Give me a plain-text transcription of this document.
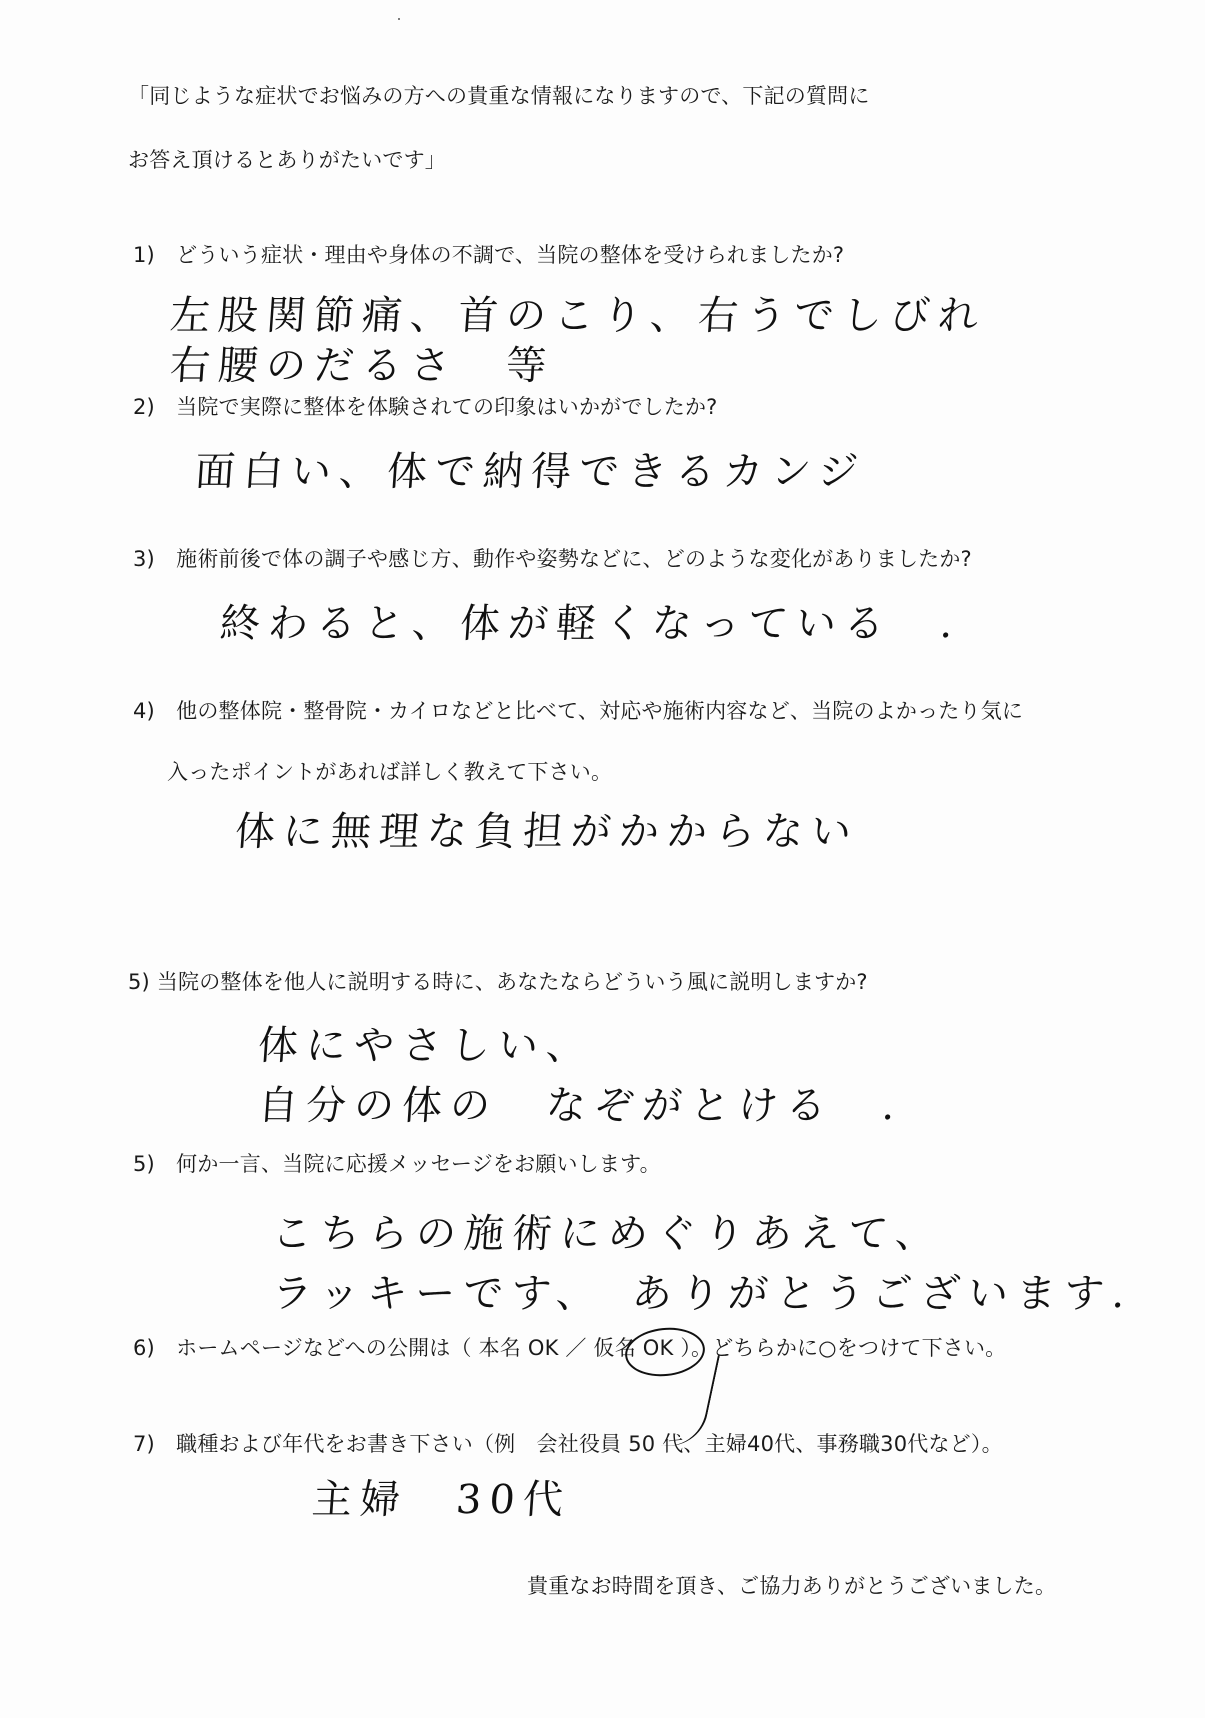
「同じような症状でお悩みの方への貴重な情報になりますので、下記の質問に
お答え頂けるとありがたいです」
1)　どういう症状・理由や身体の不調で、当院の整体を受けられましたか?
左股関節痛、首のこり、右うでしびれ
右腰のだるさ　等
2)　当院で実際に整体を体験されての印象はいかがでしたか?
面白い、体で納得できるカンジ
3)　施術前後で体の調子や感じ方、動作や姿勢などに、どのような変化がありましたか?
終わると、体が軽くなっている　.
4)　他の整体院・整骨院・カイロなどと比べて、対応や施術内容など、当院のよかったり気に
入ったポイントがあれば詳しく教えて下さい。
体に無理な負担がかからない
5) 当院の整体を他人に説明する時に、あなたならどういう風に説明しますか?
体にやさしい、
自分の体の　なぞがとける　.
5)　何か一言、当院に応援メッセージをお願いします。
こちらの施術にめぐりあえて、
ラッキーです、　ありがとうございます.
6)　ホームページなどへの公開は（ 本名 OK ／ 仮名 OK ）。どちらかに○をつけて下さい。
7)　職種および年代をお書き下さい（例　会社役員 50 代、主婦40代、事務職30代など）。
主婦　30代
貴重なお時間を頂き、ご協力ありがとうございました。
